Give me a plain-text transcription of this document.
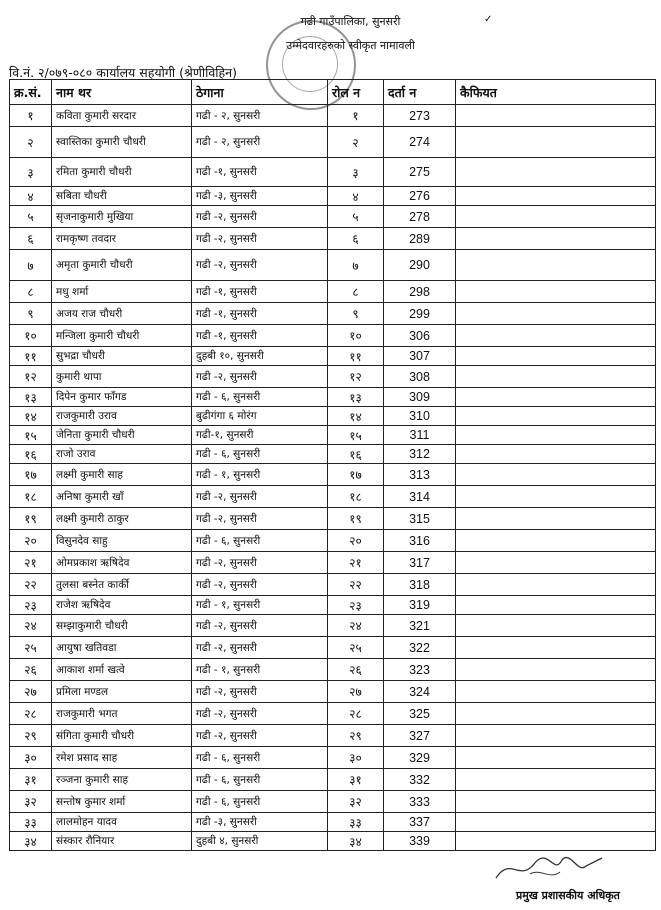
गढी गाउँपालिका, सुनसरी
उम्मेदवारहरुको स्वीकृत नामावली
✓
वि.नं. २/०७९-०८० कार्यालय सहयोगी (श्रेणीविहिन)
क्र.सं.	नाम थर	ठेगाना	रोल न	दर्ता न	कैफियत
१	कविता कुमारी सरदार	गढी - २, सुनसरी	१	273	
२	स्वास्तिका कुमारी चौधरी	गढी - २, सुनसरी	२	274	
३	रमिता कुमारी चौधरी	गढी -१, सुनसरी	३	275	
४	सबिता चौधरी	गढी -३, सुनसरी	४	276	
५	सृजनाकुमारी मुखिया	गढी -२, सुनसरी	५	278	
६	रामकृष्ण तवदार	गढी -२, सुनसरी	६	289	
७	अमृता कुमारी चौधरी	गढी -२, सुनसरी	७	290	
८	मधु शर्मा	गढी -१, सुनसरी	८	298	
९	अजय राज चौधरी	गढी -१, सुनसरी	९	299	
१०	मन्जिला कुमारी चौधरी	गढी -१, सुनसरी	१०	306	
११	सुभद्रा चौधरी	दुहबी १०, सुनसरी	११	307	
१२	कुमारी थापा	गढी -२, सुनसरी	१२	308	
१३	दिपेन कुमार फाँगड	गढी - ६, सुनसरी	१३	309	
१४	राजकुमारी उराव	बुढीगंगा ६ मोरंग	१४	310	
१५	जेनिता कुमारी चौधरी	गढी-१, सुनसरी	१५	311	
१६	राजो उराव	गढी - ६, सुनसरी	१६	312	
१७	लक्ष्मी कुमारी साह	गढी - १, सुनसरी	१७	313	
१८	अनिषा कुमारी खाँ	गढी -२, सुनसरी	१८	314	
१९	लक्ष्मी कुमारी ठाकुर	गढी -२, सुनसरी	१९	315	
२०	विसुनदेव साहु	गढी - ६, सुनसरी	२०	316	
२१	ओमप्रकाश ऋषिदेव	गढी -२, सुनसरी	२१	317	
२२	तुलसा बस्नेत कार्की	गढी -२, सुनसरी	२२	318	
२३	राजेश ऋषिदेव	गढी - १, सुनसरी	२३	319	
२४	सम्झाकुमारी चौधरी	गढी -२, सुनसरी	२४	321	
२५	आयुषा खतिवडा	गढी -२, सुनसरी	२५	322	
२६	आकाश शर्मा खत्वे	गढी - १, सुनसरी	२६	323	
२७	प्रमिला मण्डल	गढी -२, सुनसरी	२७	324	
२८	राजकुमारी भगत	गढी -२, सुनसरी	२८	325	
२९	संगिता कुमारी चौधरी	गढी -२, सुनसरी	२९	327	
३०	रमेश प्रसाद साह	गढी - ६, सुनसरी	३०	329	
३१	रञ्जना कुमारी साह	गढी - ६, सुनसरी	३१	332	
३२	सन्तोष कुमार शर्मा	गढी - ६, सुनसरी	३२	333	
३३	लालमोहन यादव	गढी -३, सुनसरी	३३	337	
३४	संस्कार रौनियार	दुहबी ४, सुनसरी	३४	339	
प्रमुख प्रशासकीय अधिकृत
